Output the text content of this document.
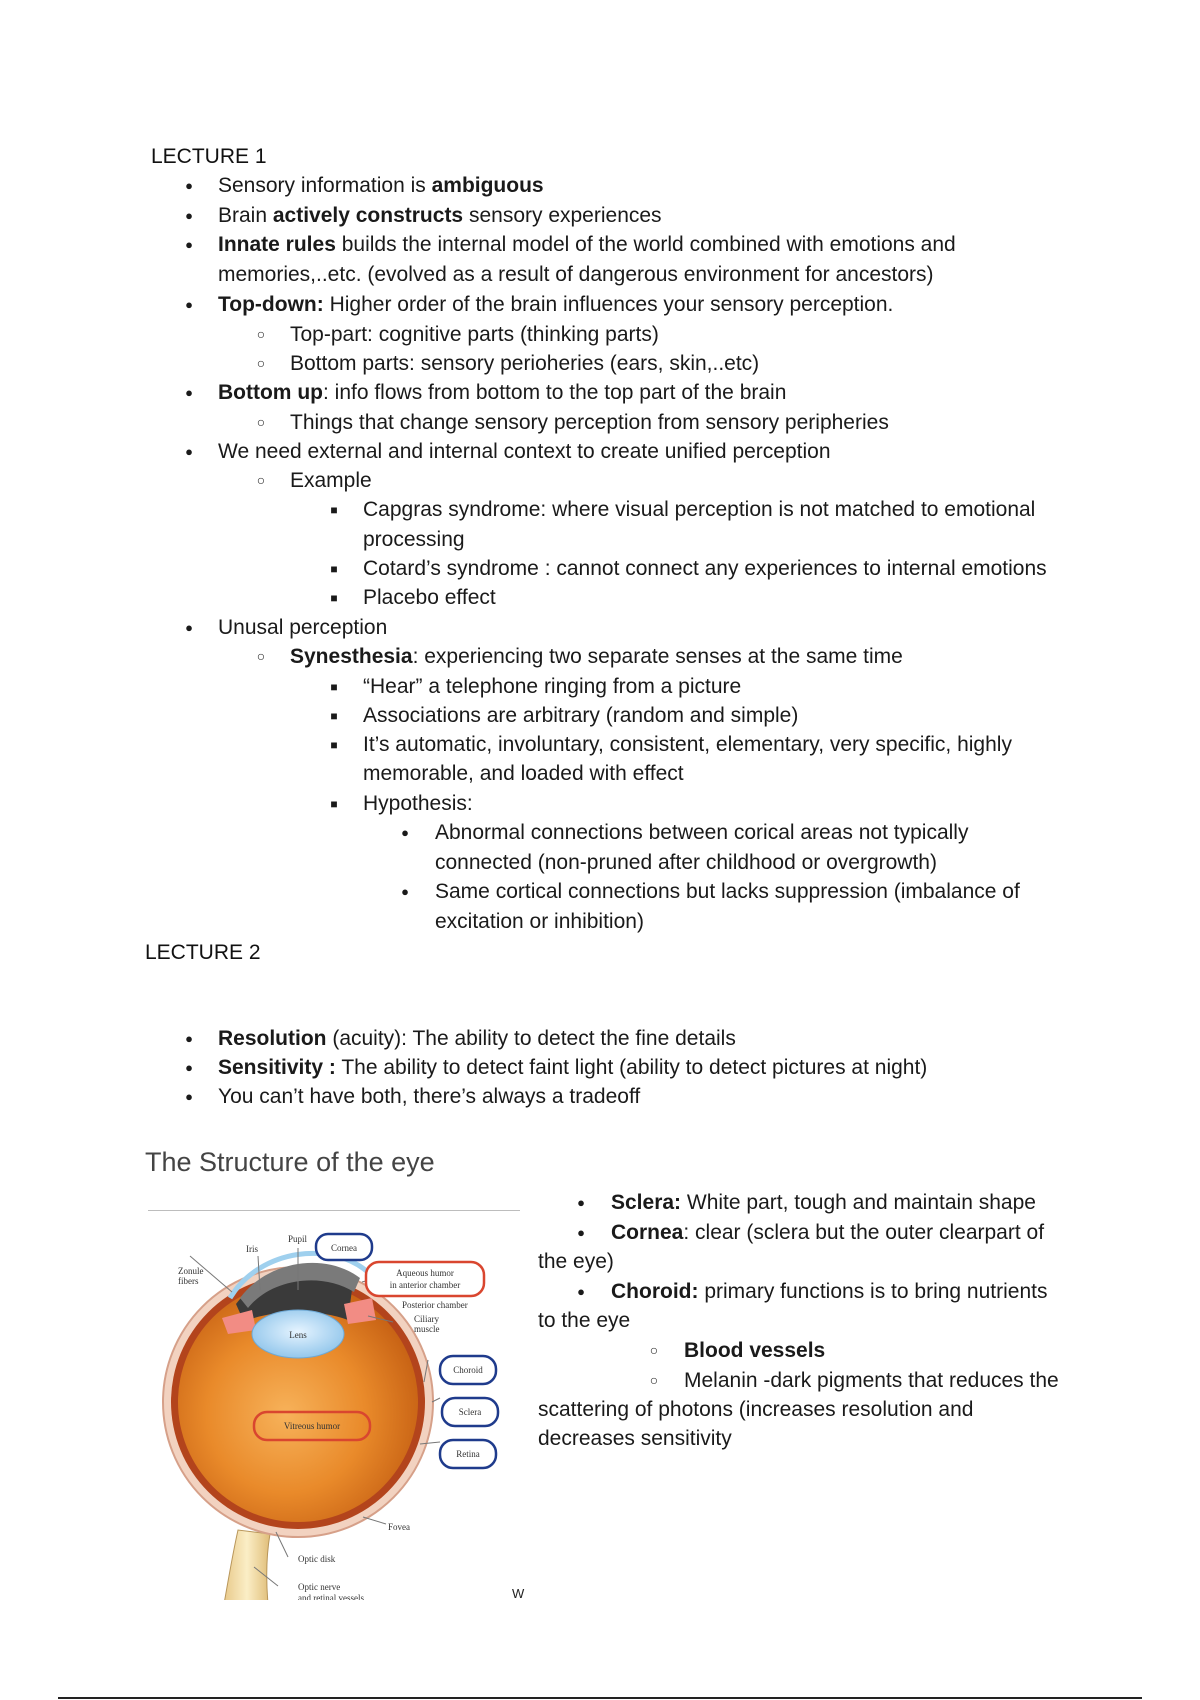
LECTURE 1
●
Sensory information is ambiguous
●
Brain actively constructs sensory experiences
●
Innate rules builds the internal model of the world combined with emotions and
memories,..etc. (evolved as a result of dangerous environment for ancestors)
●
Top-down: Higher order of the brain influences your sensory perception.
○
Top-part: cognitive parts (thinking parts)
○
Bottom parts: sensory perioheries (ears, skin,..etc)
●
Bottom up: info flows from bottom to the top part of the brain
○
Things that change sensory perception from sensory peripheries
●
We need external and internal context to create unified perception
○
Example
■
Capgras syndrome: where visual perception is not matched to emotional
processing
■
Cotard’s syndrome : cannot connect any experiences to internal emotions
■
Placebo effect
●
Unusal perception
○
Synesthesia: experiencing two separate senses at the same time
■
“Hear” a telephone ringing from a picture
■
Associations are arbitrary (random and simple)
■
It’s automatic, involuntary, consistent, elementary, very specific, highly
memorable, and loaded with effect
■
Hypothesis:
●
Abnormal connections between corical areas not typically
connected (non-pruned after childhood or overgrowth)
●
Same cortical connections but lacks suppression (imbalance of
excitation or inhibition)
LECTURE 2
●
Resolution (acuity): The ability to detect the fine details
●
Sensitivity : The ability to detect faint light (ability to detect pictures at night)
●
You can’t have both, there’s always a tradeoff
The Structure of the eye
Iris
Pupil
Cornea
Zonule
fibers
Aqueous humor
in anterior chamber
Posterior chamber
Ciliary
muscle
Lens
Choroid
Sclera
Retina
Vitreous humor
Fovea
Optic disk
Optic nerve
and retinal vessels	W
●
Sclera: White part, tough and maintain shape
●
Cornea: clear (sclera but the outer clearpart of
the eye)
●
Choroid: primary functions is to bring nutrients
to the eye
○
Blood vessels
○
Melanin -dark pigments that reduces the
scattering of photons (increases resolution and
decreases sensitivity
